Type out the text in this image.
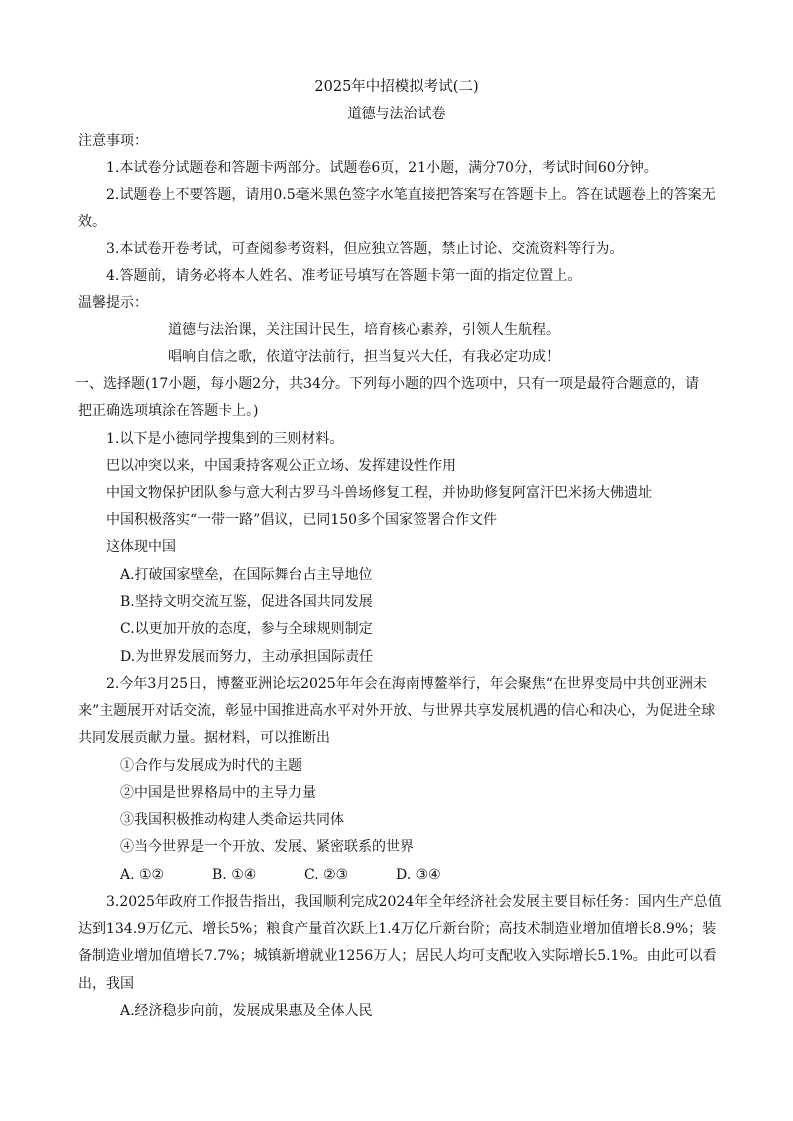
2025年中招模拟考试(二)
道德与法治试卷
注意事项：
1.本试卷分试题卷和答题卡两部分。试题卷6页，21小题，满分70分，考试时间60分钟。
2.试题卷上不要答题，请用0.5毫米黑色签字水笔直接把答案写在答题卡上。答在试题卷上的答案无
效。
3.本试卷开卷考试，可查阅参考资料，但应独立答题，禁止讨论、交流资料等行为。
4.答题前，请务必将本人姓名、准考证号填写在答题卡第一面的指定位置上。
温馨提示：
道德与法治课，关注国计民生，培育核心素养，引领人生航程。
唱响自信之歌，依道守法前行，担当复兴大任，有我必定功成！
一、选择题(17小题，每小题2分，共34分。下列每小题的四个选项中，只有一项是最符合题意的，请
把正确选项填涂在答题卡上。)
1.以下是小德同学搜集到的三则材料。
巴以冲突以来，中国秉持客观公正立场、发挥建设性作用
中国文物保护团队参与意大利古罗马斗兽场修复工程，并协助修复阿富汗巴米扬大佛遗址
中国积极落实“一带一路”倡议，已同150多个国家签署合作文件
这体现中国
A.打破国家壁垒，在国际舞台占主导地位
B.坚持文明交流互鉴，促进各国共同发展
C.以更加开放的态度，参与全球规则制定
D.为世界发展而努力，主动承担国际责任
2.今年3月25日，博鳌亚洲论坛2025年年会在海南博鳌举行，年会聚焦“在世界变局中共创亚洲未
来”主题展开对话交流，彰显中国推进高水平对外开放、与世界共享发展机遇的信心和决心，为促进全球
共同发展贡献力量。据材料，可以推断出
①合作与发展成为时代的主题
②中国是世界格局中的主导力量
③我国积极推动构建人类命运共同体
④当今世界是一个开放、发展、紧密联系的世界
A. ①②	B. ①④	C. ②③	D. ③④
3.2025年政府工作报告指出，我国顺利完成2024年全年经济社会发展主要目标任务：国内生产总值
达到134.9万亿元、增长5%；粮食产量首次跃上1.4万亿斤新台阶；高技术制造业增加值增长8.9%；装
备制造业增加值增长7.7%；城镇新增就业1256万人；居民人均可支配收入实际增长5.1%。由此可以看
出，我国
A.经济稳步向前，发展成果惠及全体人民
